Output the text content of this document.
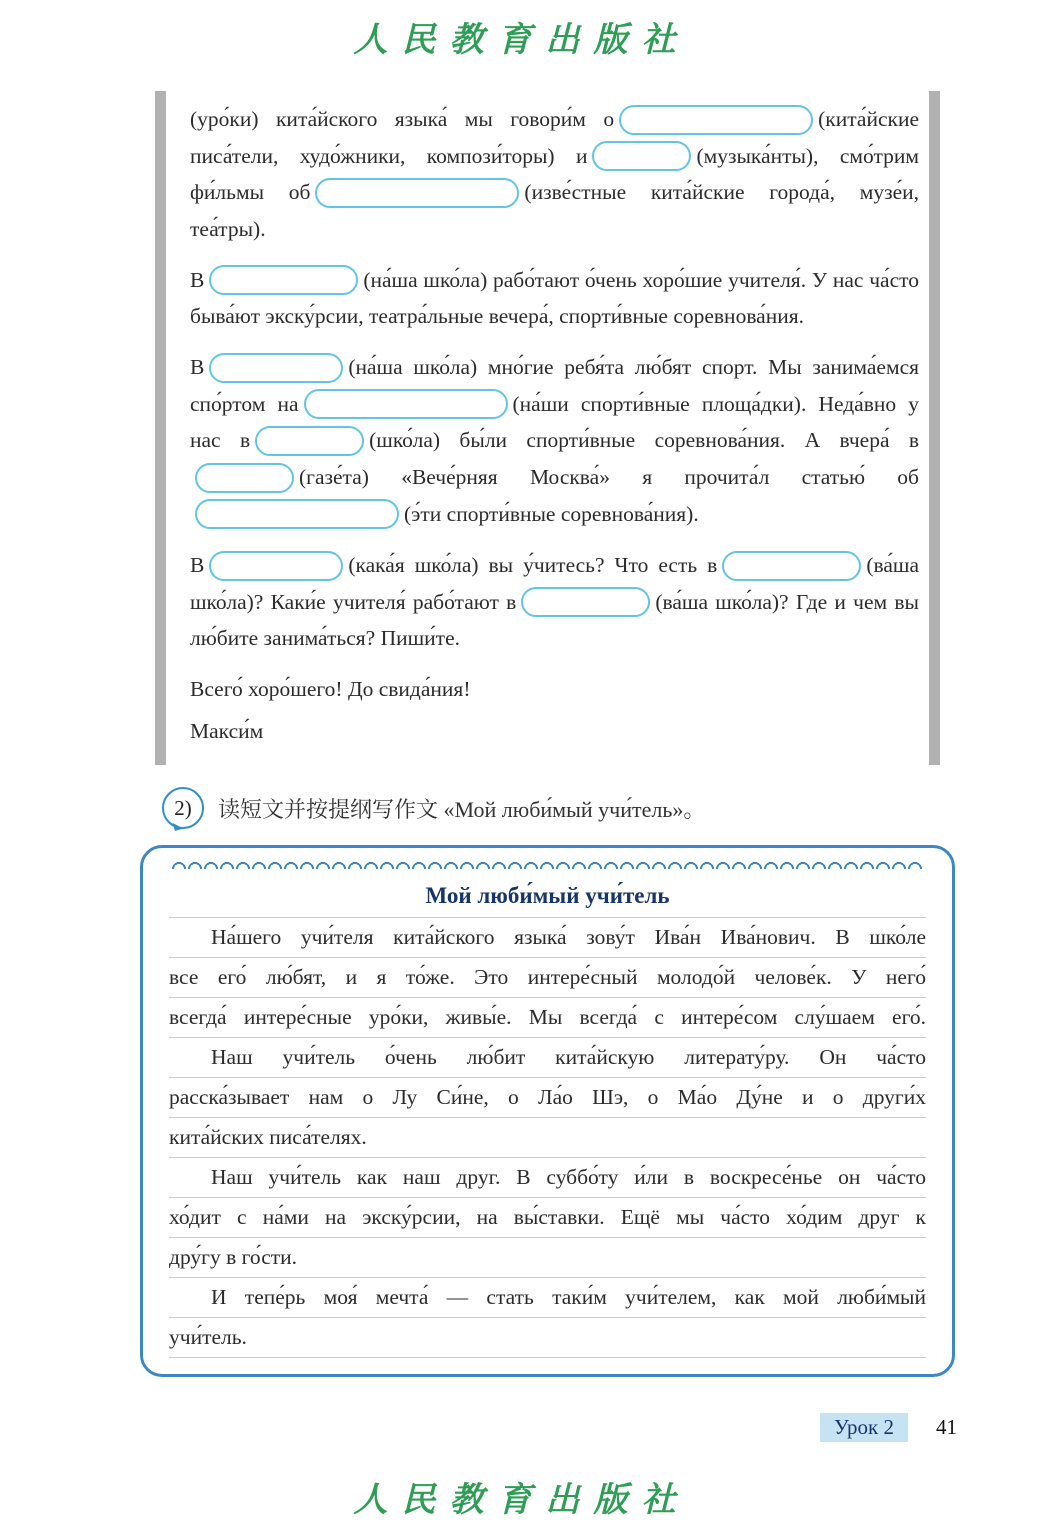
人民教育出版社

(уро́ки) кита́йского языка́ мы говори́м о	(кита́йские писа́тели, худо́жники, компози́торы) и	(музыка́нты), смо́трим фи́льмы об	(изве́стные кита́йские города́, музе́и, теа́тры).

В	(на́ша шко́ла) рабо́тают о́чень хоро́шие учителя́. У нас ча́сто быва́ют экску́рсии, театра́льные вечера́, спорти́вные соревнова́ния.

В	(на́ша шко́ла) мно́гие ребя́та лю́бят спорт. Мы занима́емся спо́ртом на	(на́ши спорти́вные площа́дки). Неда́вно у нас в	(шко́ла) бы́ли спорти́вные соревнова́ния. А вчера́ в(газе́та) «Вече́рняя Москва́» я прочита́л статью́ об(э́ти спорти́вные соревнова́ния).

В	(кака́я шко́ла) вы у́читесь? Что есть в	(ва́ша шко́ла)? Каки́е учителя́ рабо́тают в	(ва́ша шко́ла)? Где и чем вы лю́бите занима́ться? Пиши́те.

Всего́ хоро́шего! До свида́ния!

Макси́м

2)	读短文并按提纲写作文 «Мой люби́мый учи́тель»。
Мой люби́мый учи́тель
На́шего учи́теля кита́йского языка́ зову́т Ива́н Ива́нович. В шко́ле
все его́ лю́бят, и я то́же. Это интере́сный молодо́й челове́к. У него́
всегда́ интере́сные уро́ки, живы́е. Мы всегда́ с интере́сом слу́шаем его́.
Наш учи́тель о́чень лю́бит кита́йскую литерату́ру. Он ча́сто
расска́зывает нам о Лу Си́не, о Ла́о Шэ, о Ма́о Ду́не и о други́х
кита́йских писа́телях.
Наш учи́тель как наш друг. В суббо́ту и́ли в воскресе́нье он ча́сто
хо́дит с на́ми на экску́рсии, на вы́ставки. Ещё мы ча́сто хо́дим друг к
дру́гу в го́сти.
И тепе́рь моя́ мечта́ — стать таки́м учи́телем, как мой люби́мый
учи́тель.
Урок 2	41
人民教育出版社
